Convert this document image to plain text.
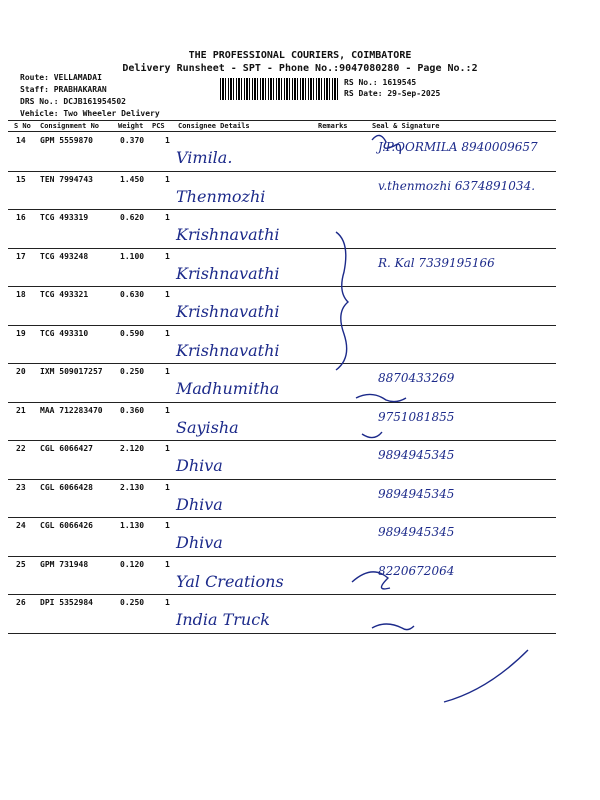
THE PROFESSIONAL COURIERS, COIMBATORE
Delivery Runsheet - SPT - Phone No.:9047080280 - Page No.:2
Route: VELLAMADAI
Staff: PRABHAKARAN
DRS No.: DCJB161954502
Vehicle: Two Wheeler Delivery
RS No.: 1619545
RS Date: 29-Sep-2025
S No Consignment No	Weight PCS Consignee Details	Remarks	Seal & Signature
14 GPM 5559870	0.370	1
Vimila.
J.P.OORMILA 8940009657
15 TEN 7994743	1.450	1
Thenmozhi
v.thenmozhi 6374891034.
16 TCG 493319	0.620	1
Krishnavathi
17 TCG 493248	1.100	1
Krishnavathi
R. Kal 7339195166
18 TCG 493321	0.630	1
Krishnavathi
19 TCG 493310	0.590	1
Krishnavathi
20 IXM 509017257 0.250	1
Madhumitha
8870433269
21 MAA 712283470 0.360	1
Sayisha
9751081855
22 CGL 6066427	2.120	1
Dhiva
9894945345
23 CGL 6066428	2.130	1
Dhiva
9894945345
24 CGL 6066426	1.130	1
Dhiva
9894945345
25 GPM 731948	0.120	1
Yal Creations
8220672064
26 DPI 5352984	0.250	1
India Truck
